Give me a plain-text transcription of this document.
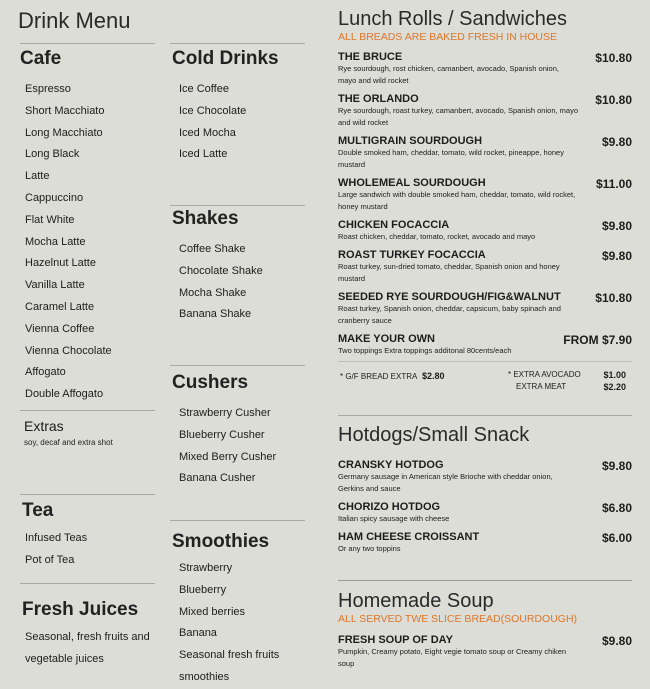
Drink Menu
Cafe
Espresso
Short Macchiato
Long Macchiato
Long Black
Latte
Cappuccino
Flat White
Mocha Latte
Hazelnut Latte
Vanilla Latte
Caramel Latte
Vienna Coffee
Vienna Chocolate
Affogato
Double Affogato
Extras
soy, decaf and extra shot
Tea
Infused Teas
Pot of Tea
Fresh Juices
Seasonal, fresh fruits and
vegetable juices
Cold Drinks
Ice Coffee
Ice Chocolate
Iced Mocha
Iced Latte
Shakes
Coffee Shake
Chocolate Shake
Mocha Shake
Banana Shake
Cushers
Strawberry Cusher
Blueberry Cusher
Mixed Berry Cusher
Banana Cusher
Smoothies
Strawberry
Blueberry
Mixed berries
Banana
Seasonal fresh fruits smoothies
Lunch Rolls / Sandwiches
ALL BREADS ARE BAKED FRESH IN HOUSE
THE BRUCE	$10.80
Rye sourdough, rost chicken, camanbert, avocado, Spanish onion, mayo and wild rocket
THE ORLANDO	$10.80
Rye sourdough, roast turkey, camanbert, avocado, Spanish onion, mayo and wild rocket
MULTIGRAIN SOURDOUGH	$9.80
Double smoked ham, cheddar, tomato, wild rocket, pineappe, honey mustard
WHOLEMEAL SOURDOUGH	$11.00
Large sandwich with double smoked ham, cheddar, tomato, wild rocket, honey mustard
CHICKEN FOCACCIA	$9.80
Roast chicken, cheddar, tomato, rocket, avocado and mayo
ROAST TURKEY FOCACCIA	$9.80
Roast turkey, sun-dried tomato, cheddar, Spanish onion and honey mustard
SEEDED RYE SOURDOUGH/FIG&WALNUT	$10.80
Roast turkey, Spanish onion, cheddar, capsicum, baby spinach and cranberry sauce
MAKE YOUR OWN	FROM $7.90
Two toppings Extra toppings additonal 80cents/each
* G/F BREAD EXTRA $2.80	* EXTRA AVOCADO	$1.00
EXTRA MEAT	$2.20
Hotdogs/Small Snack
CRANSKY HOTDOG	$9.80
Germany sausage in American style Brioche with cheddar onion, Gerkins and sauce
CHORIZO HOTDOG	$6.80
Italian spicy sausage with cheese
HAM CHEESE CROISSANT	$6.00
Or any two toppins
Homemade Soup
ALL SERVED TWE SLICE BREAD(SOURDOUGH)
FRESH SOUP OF DAY	$9.80
Pumpkin, Creamy potato, Eight vegie tomato soup or Creamy chiken soup
